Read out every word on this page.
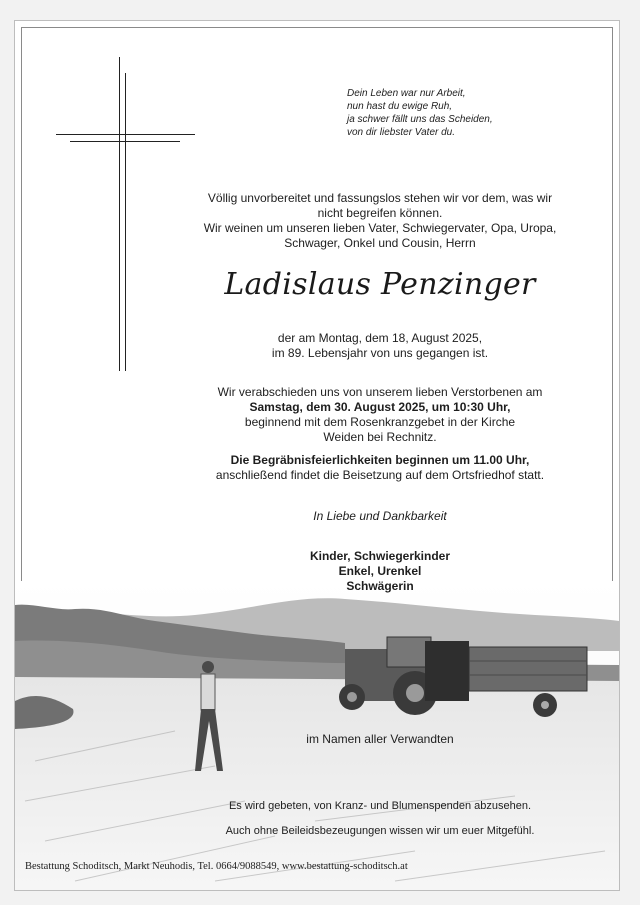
Dein Leben war nur Arbeit,
nun hast du ewige Ruh,
ja schwer fällt uns das Scheiden,
von dir liebster Vater du.
Völlig unvorbereitet und fassungslos stehen wir vor dem, was wir
nicht begreifen können.
Wir weinen um unseren lieben Vater, Schwiegervater, Opa, Uropa,
Schwager, Onkel und Cousin, Herrn
Ladislaus Penzinger
der am Montag, dem 18, August 2025,
im 89. Lebensjahr von uns gegangen ist.
Wir verabschieden uns von unserem lieben Verstorbenen am
Samstag, dem 30. August 2025, um 10:30 Uhr,
beginnend mit dem Rosenkranzgebet in der Kirche
Weiden bei Rechnitz.
Die Begräbnisfeierlichkeiten beginnen um 11.00 Uhr,
anschließend findet die Beisetzung auf dem Ortsfriedhof statt.
In Liebe und Dankbarkeit
Kinder, Schwiegerkinder
Enkel, Urenkel
Schwägerin
im Namen aller Verwandten
Es wird gebeten, von Kranz- und Blumenspenden abzusehen.
Auch ohne Beileidsbezeugungen wissen wir um euer Mitgefühl.
Bestattung Schoditsch, Markt Neuhodis, Tel. 0664/9088549, www.bestattung-schoditsch.at
